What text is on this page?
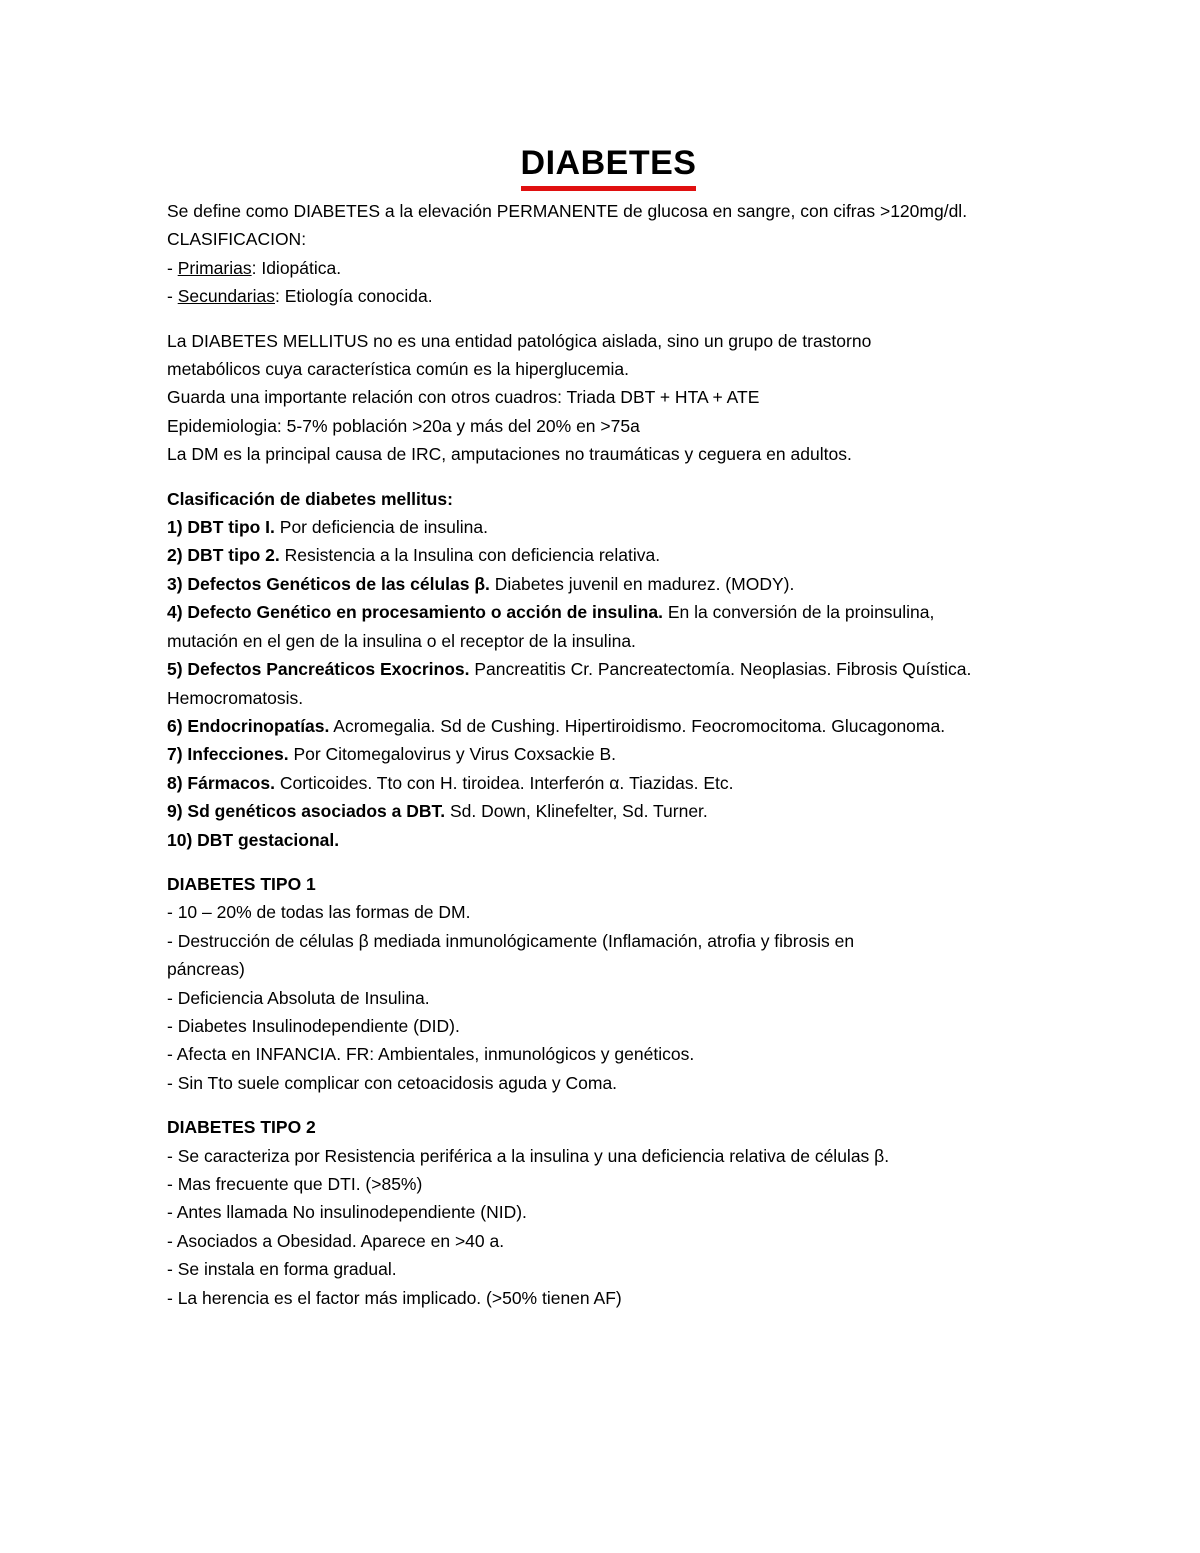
DIABETES
Se define como DIABETES a la elevación PERMANENTE de glucosa en sangre, con cifras >120mg/dl.
CLASIFICACION:
- Primarias: Idiopática.
- Secundarias: Etiología conocida.
La DIABETES MELLITUS no es una entidad patológica aislada, sino un grupo de trastorno
metabólicos cuya característica común es la hiperglucemia.
Guarda una importante relación con otros cuadros: Triada DBT + HTA + ATE
Epidemiologia: 5-7% población >20a y más del 20% en >75a
La DM es la principal causa de IRC, amputaciones no traumáticas y ceguera en adultos.
Clasificación de diabetes mellitus:
1) DBT tipo I. Por deficiencia de insulina.
2) DBT tipo 2. Resistencia a la Insulina con deficiencia relativa.
3) Defectos Genéticos de las células β. Diabetes juvenil en madurez. (MODY).
4) Defecto Genético en procesamiento o acción de insulina. En la conversión de la proinsulina,
mutación en el gen de la insulina o el receptor de la insulina.
5) Defectos Pancreáticos Exocrinos. Pancreatitis Cr. Pancreatectomía. Neoplasias. Fibrosis Quística.
Hemocromatosis.
6) Endocrinopatías. Acromegalia. Sd de Cushing. Hipertiroidismo. Feocromocitoma. Glucagonoma.
7) Infecciones. Por Citomegalovirus y Virus Coxsackie B.
8) Fármacos. Corticoides. Tto con H. tiroidea. Interferón α. Tiazidas. Etc.
9) Sd genéticos asociados a DBT. Sd. Down, Klinefelter, Sd. Turner.
10) DBT gestacional.
DIABETES TIPO 1
- 10 – 20% de todas las formas de DM.
- Destrucción de células β mediada inmunológicamente (Inflamación, atrofia y fibrosis en
páncreas)
- Deficiencia Absoluta de Insulina.
- Diabetes Insulinodependiente (DID).
- Afecta en INFANCIA. FR: Ambientales, inmunológicos y genéticos.
- Sin Tto suele complicar con cetoacidosis aguda y Coma.
DIABETES TIPO 2
- Se caracteriza por Resistencia periférica a la insulina y una deficiencia relativa de células β.
- Mas frecuente que DTI. (>85%)
- Antes llamada No insulinodependiente (NID).
- Asociados a Obesidad. Aparece en >40 a.
- Se instala en forma gradual.
- La herencia es el factor más implicado. (>50% tienen AF)
